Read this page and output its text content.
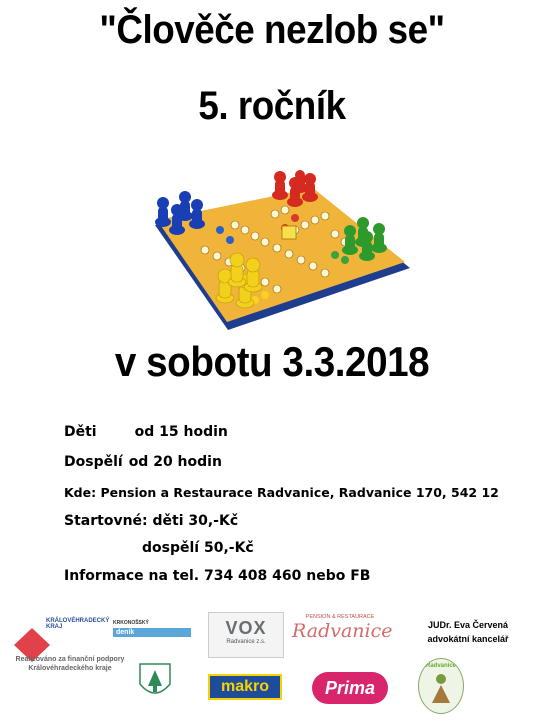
"Člověče nezlob se"
5. ročník
v sobotu 3.3.2018
Děti	od 15 hodin
Dospělí od 20 hodin
Kde: Pension a Restaurace Radvanice, Radvanice 170, 542 12
Startovné: děti 30,-Kč
dospělí 50,-Kč
Informace na tel. 734 408 460 nebo FB
KRÁLOVÉHRADECKÝ KRAJ
Realizováno za finanční podpory Královéhradeckého kraje
KRKONOŠSKÝ
deník	VOX
Radvanice z.s.
PENSION & RESTAURACE
Radvanice	JUDr. Eva Červená
advokátní kancelář
makro	Prima
Radvanice
